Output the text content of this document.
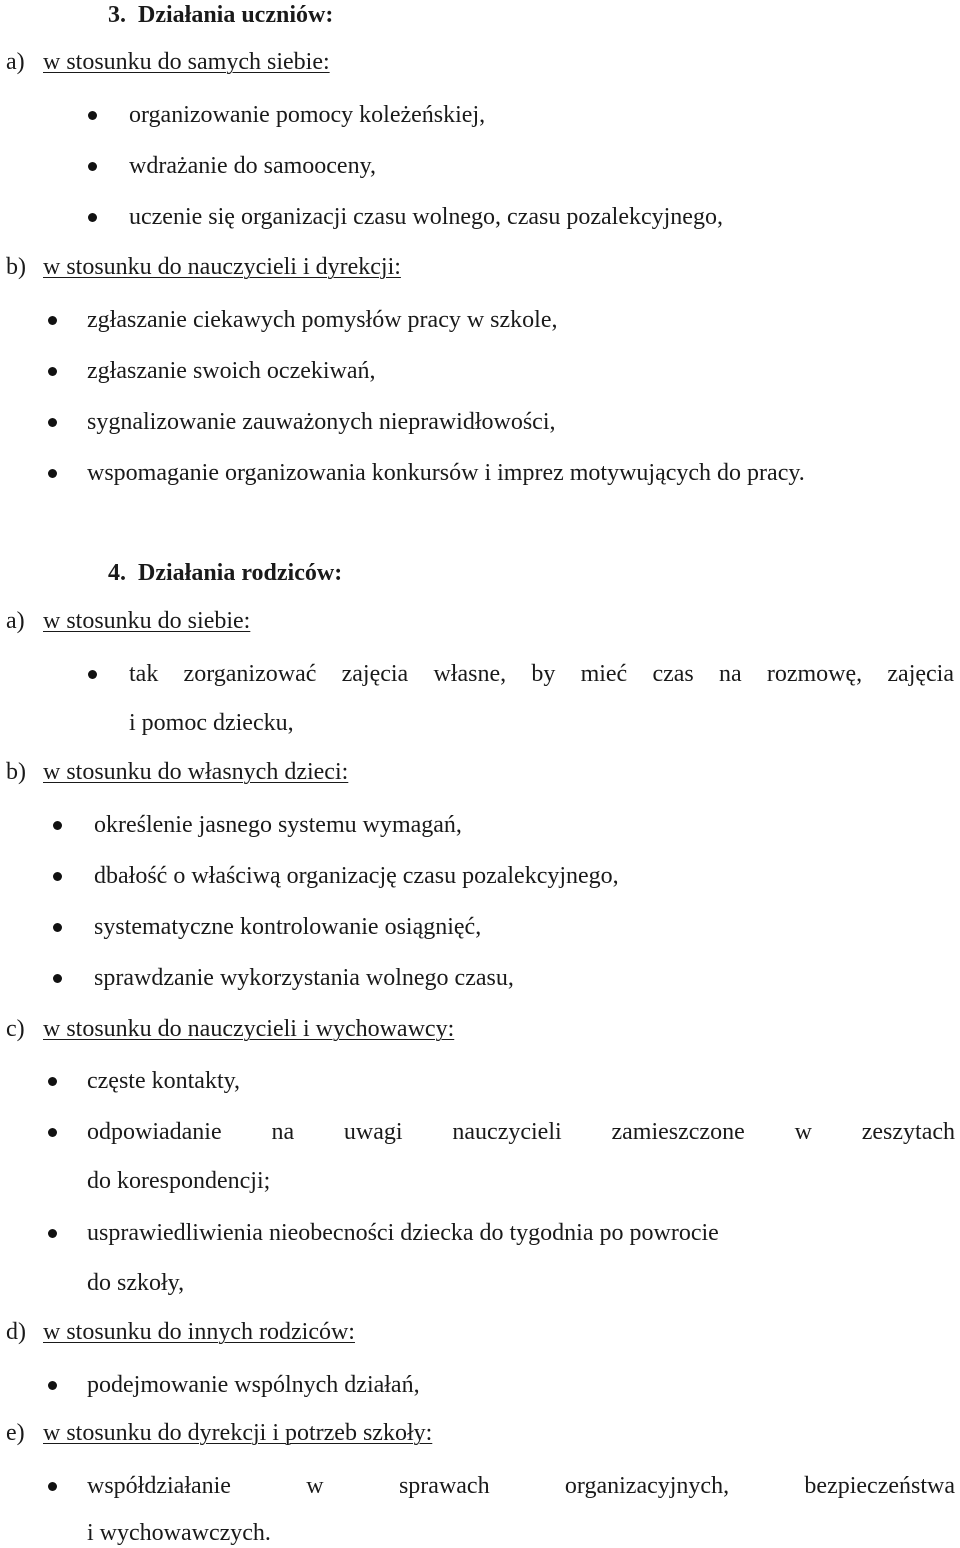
3. Działania uczniów:
a) w stosunku do samych siebie:
organizowanie pomocy koleżeńskiej,
wdrażanie do samooceny,
uczenie się organizacji czasu wolnego, czasu pozalekcyjnego,
b) w stosunku do nauczycieli i dyrekcji:
zgłaszanie ciekawych pomysłów pracy w szkole,
zgłaszanie swoich oczekiwań,
sygnalizowanie zauważonych nieprawidłowości,
wspomaganie organizowania konkursów i imprez motywujących do pracy.
4. Działania rodziców:
a) w stosunku do siebie:
tak zorganizować zajęcia własne, by mieć czas na rozmowę, zajęcia
i pomoc dziecku,
b) w stosunku do własnych dzieci:
określenie jasnego systemu wymagań,
dbałość o właściwą organizację czasu pozalekcyjnego,
systematyczne kontrolowanie osiągnięć,
sprawdzanie wykorzystania wolnego czasu,
c) w stosunku do nauczycieli i wychowawcy:
częste kontakty,
odpowiadanie na uwagi nauczycieli zamieszczone w zeszytach
do korespondencji;
usprawiedliwienia nieobecności dziecka do tygodnia po powrocie
do szkoły,
d) w stosunku do innych rodziców:
podejmowanie wspólnych działań,
e) w stosunku do dyrekcji i potrzeb szkoły:
współdziałanie w sprawach organizacyjnych, bezpieczeństwa
i wychowawczych.
